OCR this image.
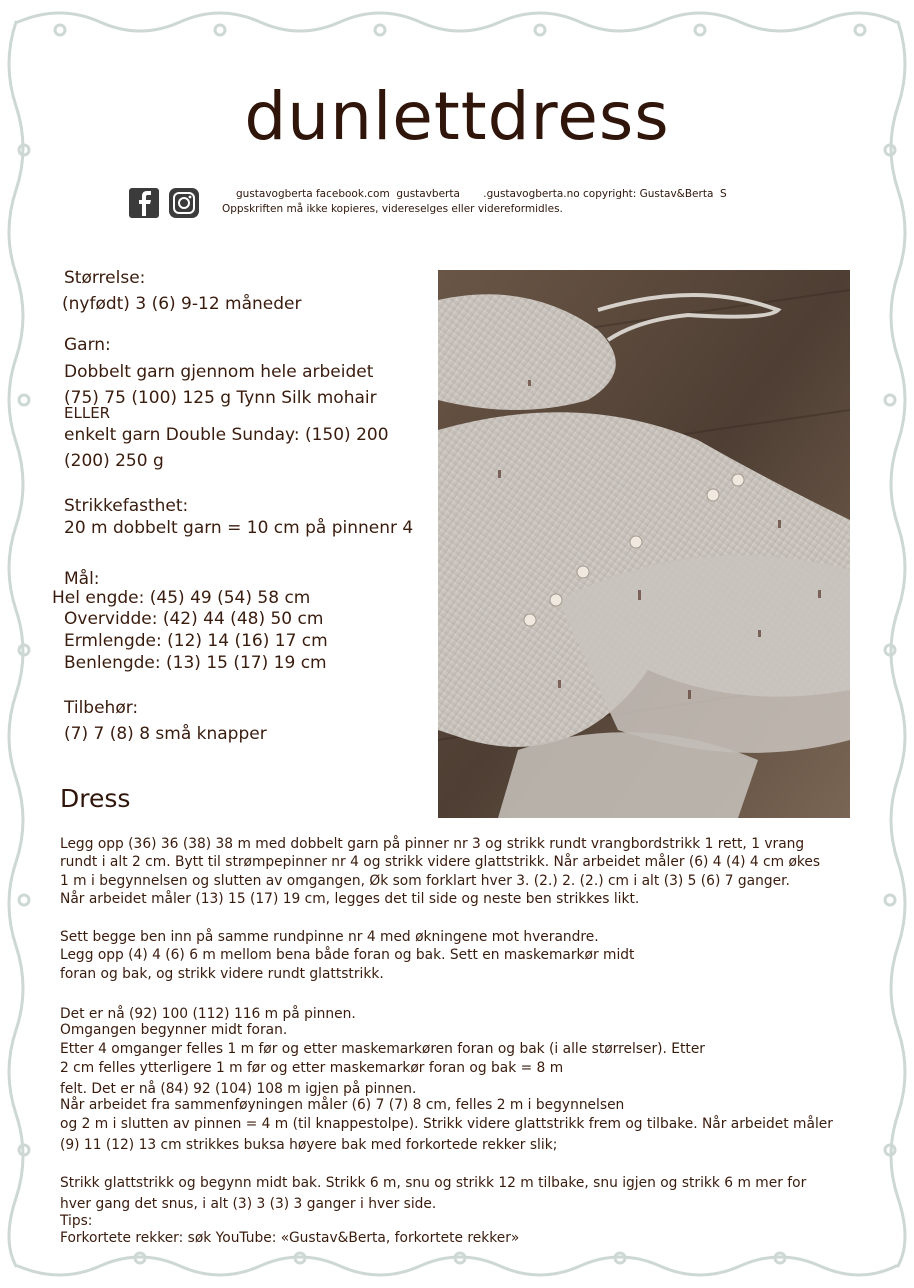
dunlettdress
gustavogberta facebook.com  gustavberta       .gustavogberta.no copyright: Gustav&Berta  S
Oppskriften må ikke kopieres, videreselges eller videreformidles.
Størrelse:
(nyfødt) 3 (6) 9-12 måneder
Garn:
Dobbelt garn gjennom hele arbeidet
(75) 75 (100) 125 g Tynn Silk mohair
ELLER
enkelt garn Double Sunday: (150) 200
(200) 250 g
Strikkefasthet:
20 m dobbelt garn = 10 cm på pinnenr 4
Mål:
Hel engde: (45) 49 (54) 58 cm
Overvidde: (42) 44 (48) 50 cm
Ermlengde: (12) 14 (16) 17 cm
Benlengde: (13) 15 (17) 19 cm
Tilbehør:
(7) 7 (8) 8 små knapper
Dress
Legg opp (36) 36 (38) 38 m med dobbelt garn på pinner nr 3 og strikk rundt vrangbordstrikk 1 rett, 1 vrang
rundt i alt 2 cm. Bytt til strømpepinner nr 4 og strikk videre glattstrikk. Når arbeidet måler (6) 4 (4) 4 cm økes
1 m i begynnelsen og slutten av omgangen, Øk som forklart hver 3. (2.) 2. (2.) cm i alt (3) 5 (6) 7 ganger.
Når arbeidet måler (13) 15 (17) 19 cm, legges det til side og neste ben strikkes likt.
Sett begge ben inn på samme rundpinne nr 4 med økningene mot hverandre.
Legg opp (4) 4 (6) 6 m mellom bena både foran og bak. Sett en maskemarkør midt
foran og bak, og strikk videre rundt glattstrikk.
Det er nå (92) 100 (112) 116 m på pinnen.
Omgangen begynner midt foran.
Etter 4 omganger felles 1 m før og etter maskemarkøren foran og bak (i alle størrelser). Etter
2 cm felles ytterligere 1 m før og etter maskemarkør foran og bak = 8 m
felt. Det er nå (84) 92 (104) 108 m igjen på pinnen.
Når arbeidet fra sammenføyningen måler (6) 7 (7) 8 cm, felles 2 m i begynnelsen
og 2 m i slutten av pinnen = 4 m (til knappestolpe). Strikk videre glattstrikk frem og tilbake. Når arbeidet måler
(9) 11 (12) 13 cm strikkes buksa høyere bak med forkortede rekker slik;
Strikk glattstrikk og begynn midt bak. Strikk 6 m, snu og strikk 12 m tilbake, snu igjen og strikk 6 m mer for
hver gang det snus, i alt (3) 3 (3) 3 ganger i hver side.
Tips:
Forkortete rekker: søk YouTube: «Gustav&Berta, forkortete rekker»
